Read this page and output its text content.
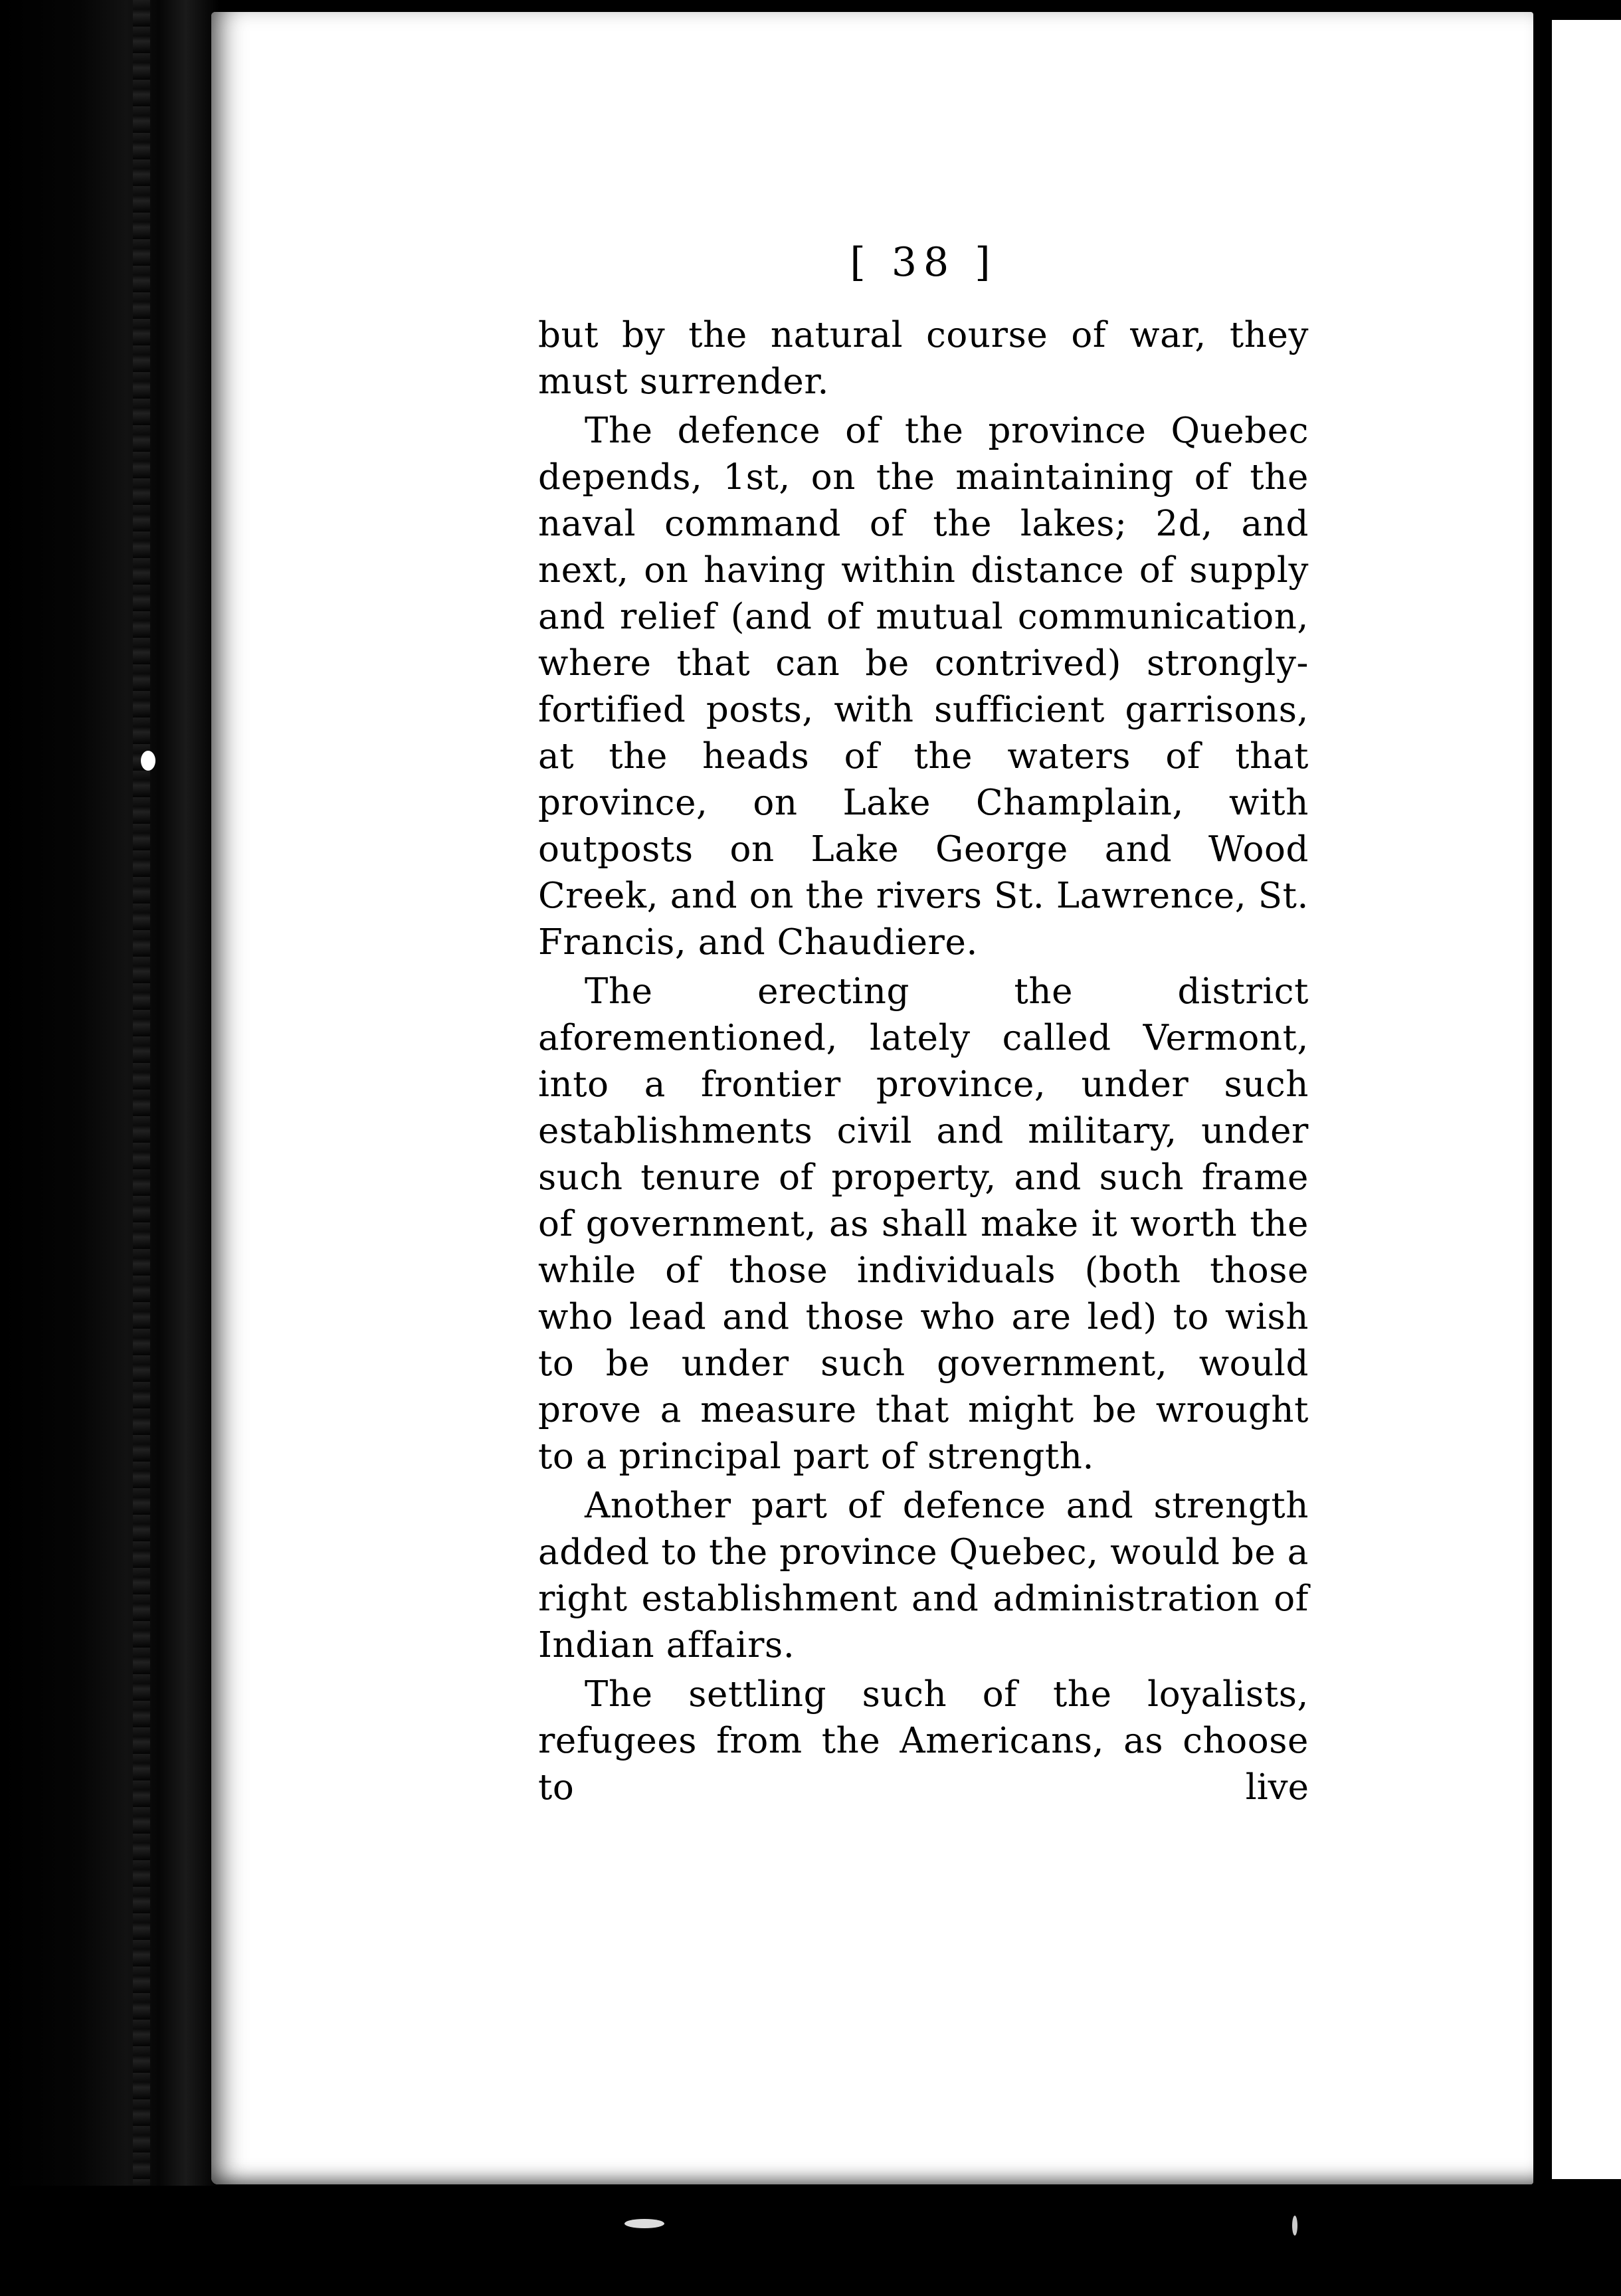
[ 38 ]

but by the natural course of war, they must surrender.

The defence of the province Quebec depends, 1st, on the maintaining of the naval command of the lakes; 2d, and next, on having within distance of supply and relief (and of mutual communication, where that can be contrived) strongly-fortified posts, with sufficient garrisons, at the heads of the waters of that province, on Lake Champlain, with outposts on Lake George and Wood Creek, and on the rivers St. Lawrence, St. Francis, and Chaudiere.

The erecting the district aforementioned, lately called Vermont, into a frontier province, under such establishments civil and military, under such tenure of property, and such frame of government, as shall make it worth the while of those individuals (both those who lead and those who are led) to wish to be under such government, would prove a measure that might be wrought to a principal part of strength.

Another part of defence and strength added to the province Quebec, would be a right establishment and administration of Indian affairs.

The settling such of the loyalists, refugees from the Americans, as choose to	live
